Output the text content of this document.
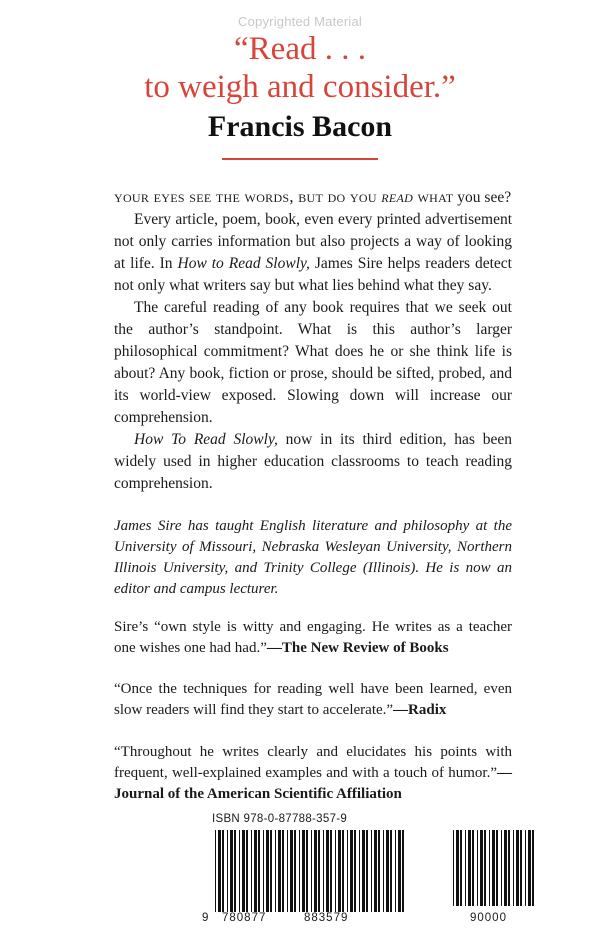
Copyrighted Material
“Read . . .
to weigh and consider.”
Francis Bacon

your eyes see the words, but do you read what you see?

Every article, poem, book, even every printed advertisement not only carries information but also projects a way of looking at life. In How to Read Slowly, James Sire helps readers detect not only what writers say but what lies behind what they say.

The careful reading of any book requires that we seek out the author’s standpoint. What is this author’s larger philosophical commitment? What does he or she think life is about? Any book, fiction or prose, should be sifted, probed, and its world-view exposed. Slowing down will increase our comprehension.

How To Read Slowly, now in its third edition, has been widely used in higher education classrooms to teach reading comprehension.

James Sire has taught English literature and philosophy at the University of Missouri, Nebraska Wesleyan University, Northern Illinois University, and Trinity College (Illinois). He is now an editor and campus lecturer.
Sire’s “own style is witty and engaging. He writes as a teacher one wishes one had had.”—The New Review of Books
“Once the techniques for reading well have been learned, even slow readers will find they start to accelerate.”—Radix
“Throughout he writes clearly and elucidates his points with frequent, well-explained examples and with a touch of humor.”—Journal of the American Scientific Affiliation
ISBN 978-0-87788-357-9
9 780877	883579	90000
